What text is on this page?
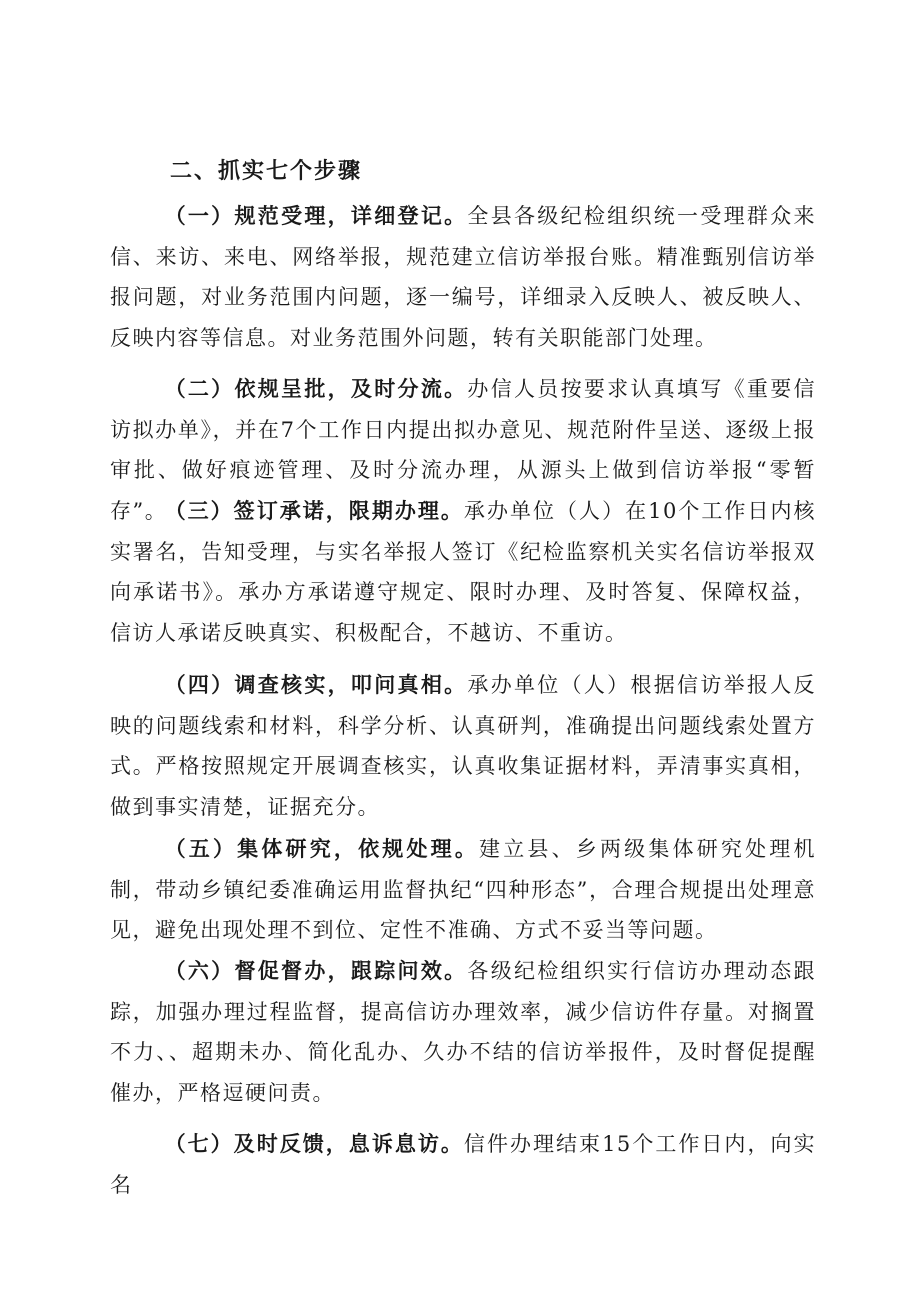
二、抓实七个步骤

（一）规范受理，详细登记。全县各级纪检组织统一受理群众来信、来访、来电、网络举报，规范建立信访举报台账。精准甄别信访举报问题，对业务范围内问题，逐一编号，详细录入反映人、被反映人、反映内容等信息。对业务范围外问题，转有关职能部门处理。

（二）依规呈批，及时分流。办信人员按要求认真填写《重要信访拟办单》，并在7个工作日内提出拟办意见、规范附件呈送、逐级上报审批、做好痕迹管理、及时分流办理，从源头上做到信访举报“零暂存”。

（三）签订承诺，限期办理。承办单位（人）在10个工作日内核实署名，告知受理，与实名举报人签订《纪检监察机关实名信访举报双向承诺书》。承办方承诺遵守规定、限时办理、及时答复、保障权益，信访人承诺反映真实、积极配合，不越访、不重访。

（四）调查核实，叩问真相。承办单位（人）根据信访举报人反映的问题线索和材料，科学分析、认真研判，准确提出问题线索处置方式。严格按照规定开展调查核实，认真收集证据材料，弄清事实真相，做到事实清楚，证据充分。

（五）集体研究，依规处理。建立县、乡两级集体研究处理机制，带动乡镇纪委准确运用监督执纪“四种形态”，合理合规提出处理意见，避免出现处理不到位、定性不准确、方式不妥当等问题。

（六）督促督办，跟踪问效。各级纪检组织实行信访办理动态跟踪，加强办理过程监督，提高信访办理效率，减少信访件存量。对搁置不力、、超期未办、简化乱办、久办不结的信访举报件，及时督促提醒催办，严格逗硬问责。

（七）及时反馈，息诉息访。信件办理结束15个工作日内，向实名
